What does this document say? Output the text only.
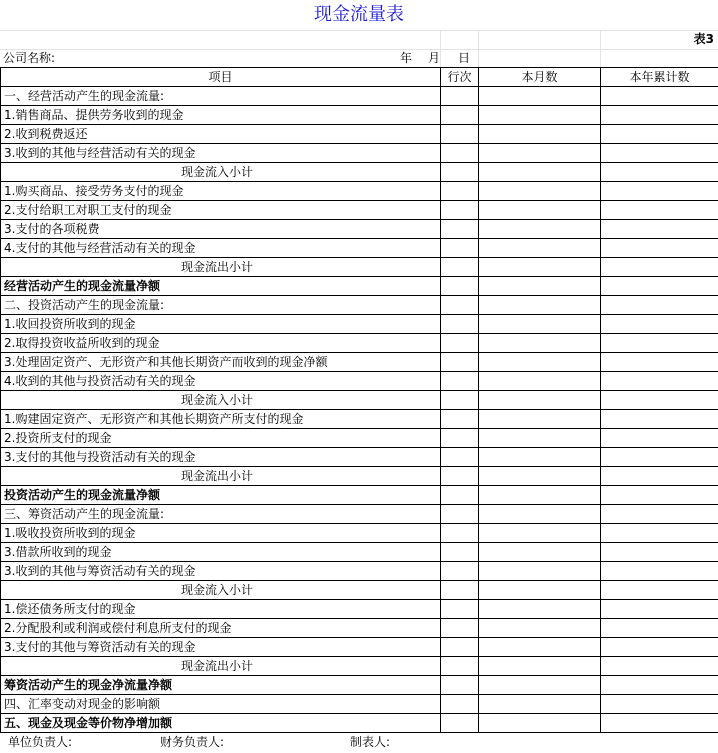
现金流量表
表3
公司名称:	年 月 日
项目	行次	本月数	本年累计数
一、经营活动产生的现金流量:			
1.销售商品、提供劳务收到的现金			
2.收到税费返还			
3.收到的其他与经营活动有关的现金			
现金流入小计			
1.购买商品、接受劳务支付的现金			
2.支付给职工对职工支付的现金			
3.支付的各项税费			
4.支付的其他与经营活动有关的现金			
现金流出小计			
经营活动产生的现金流量净额			
二、投资活动产生的现金流量:			
1.收回投资所收到的现金			
2.取得投资收益所收到的现金			
3.处理固定资产、无形资产和其他长期资产而收到的现金净额			
4.收到的其他与投资活动有关的现金			
现金流入小计			
1.购建固定资产、无形资产和其他长期资产所支付的现金			
2.投资所支付的现金			
3.支付的其他与投资活动有关的现金			
现金流出小计			
投资活动产生的现金流量净额			
三、筹资活动产生的现金流量:			
1.吸收投资所收到的现金			
3.借款所收到的现金			
3.收到的其他与筹资活动有关的现金			
现金流入小计			
1.偿还债务所支付的现金			
2.分配股利或利润或偿付利息所支付的现金			
3.支付的其他与筹资活动有关的现金			
现金流出小计			
筹资活动产生的现金净流量净额			
四、汇率变动对现金的影响额			
五、现金及现金等价物净增加额			
单位负责人:	财务负责人:	制表人:
